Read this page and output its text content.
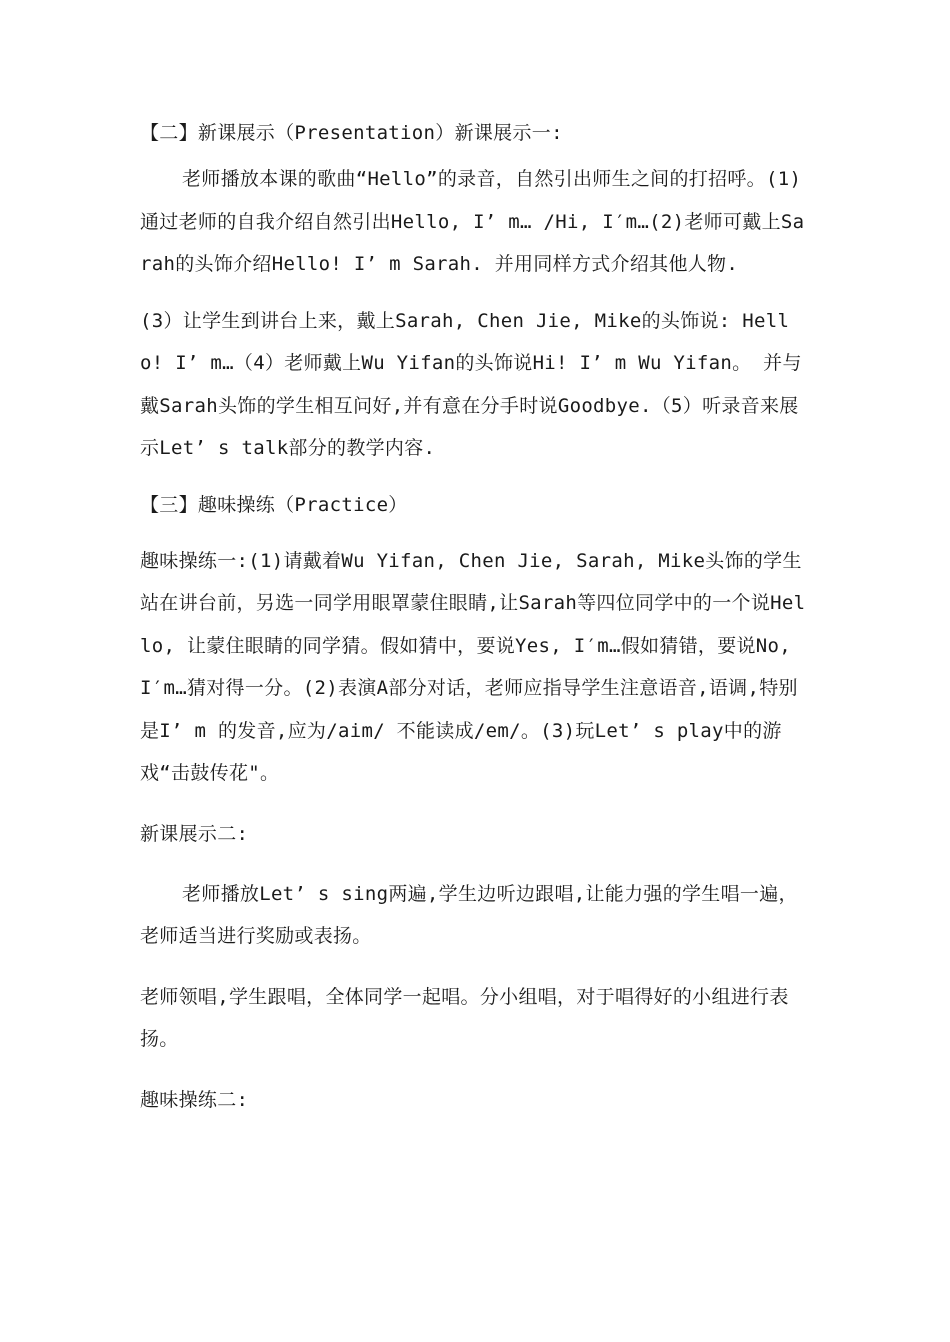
【二】新课展示（Presentation）新课展示一:

老师播放本课的歌曲“Hello”的录音，自然引出师生之间的打招呼。(1)通过老师的自我介绍自然引出Hello, I’ m… /Hi, I′m…(2)老师可戴上Sarah的头饰介绍Hello! I’ m Sarah. 并用同样方式介绍其他人物.

(3）让学生到讲台上来，戴上Sarah, Chen Jie, Mike的头饰说: Hello! I’ m…（4）老师戴上Wu Yifan的头饰说Hi! I’ m Wu Yifan。 并与戴Sarah头饰的学生相互问好,并有意在分手时说Goodbye.（5）听录音来展示Let’ s talk部分的教学内容.

【三】趣味操练（Practice）

趣味操练一:(1)请戴着Wu Yifan, Chen Jie, Sarah, Mike头饰的学生站在讲台前，另选一同学用眼罩蒙住眼睛,让Sarah等四位同学中的一个说Hello, 让蒙住眼睛的同学猜。假如猜中，要说Yes, I′m…假如猜错，要说No, I′m…猜对得一分。(2)表演A部分对话，老师应指导学生注意语音,语调,特别是I’ m 的发音,应为/aim/ 不能读成/em/。(3)玩Let’ s play中的游戏“击鼓传花"。

新课展示二:

老师播放Let’ s sing两遍,学生边听边跟唱,让能力强的学生唱一遍，老师适当进行奖励或表扬。

老师领唱,学生跟唱，全体同学一起唱。分小组唱，对于唱得好的小组进行表扬。

趣味操练二:
